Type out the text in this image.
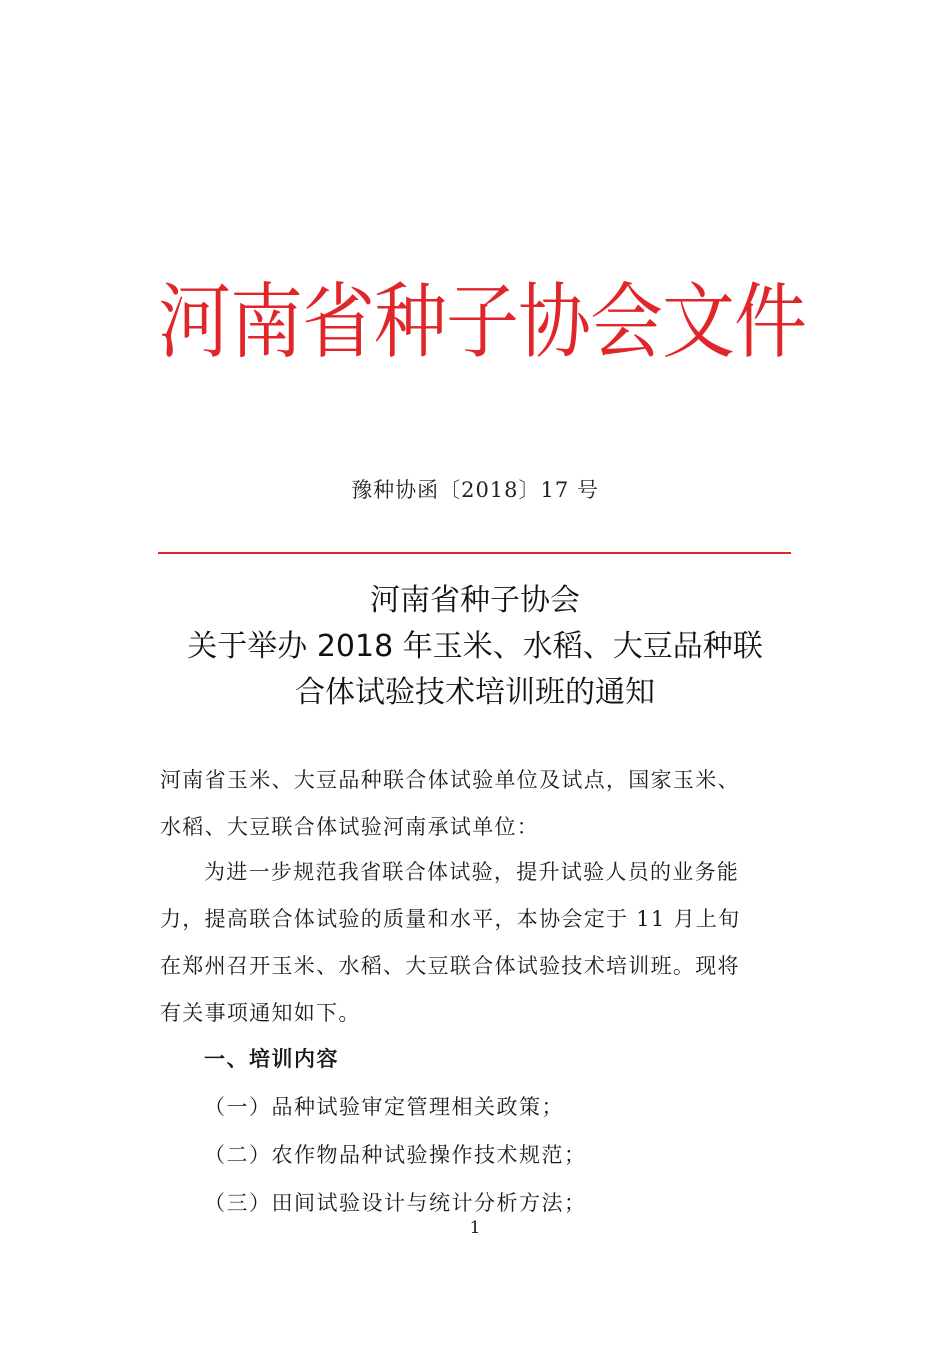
河南省种子协会文件
豫种协函〔2018〕17 号
河南省种子协会
关于举办 2018 年玉米、水稻、大豆品种联
合体试验技术培训班的通知
河南省玉米、大豆品种联合体试验单位及试点，国家玉米、
水稻、大豆联合体试验河南承试单位：
为进一步规范我省联合体试验，提升试验人员的业务能
力，提高联合体试验的质量和水平，本协会定于 11 月上旬
在郑州召开玉米、水稻、大豆联合体试验技术培训班。现将
有关事项通知如下。
一、培训内容
（一）品种试验审定管理相关政策；
（二）农作物品种试验操作技术规范；
（三）田间试验设计与统计分析方法；
1
